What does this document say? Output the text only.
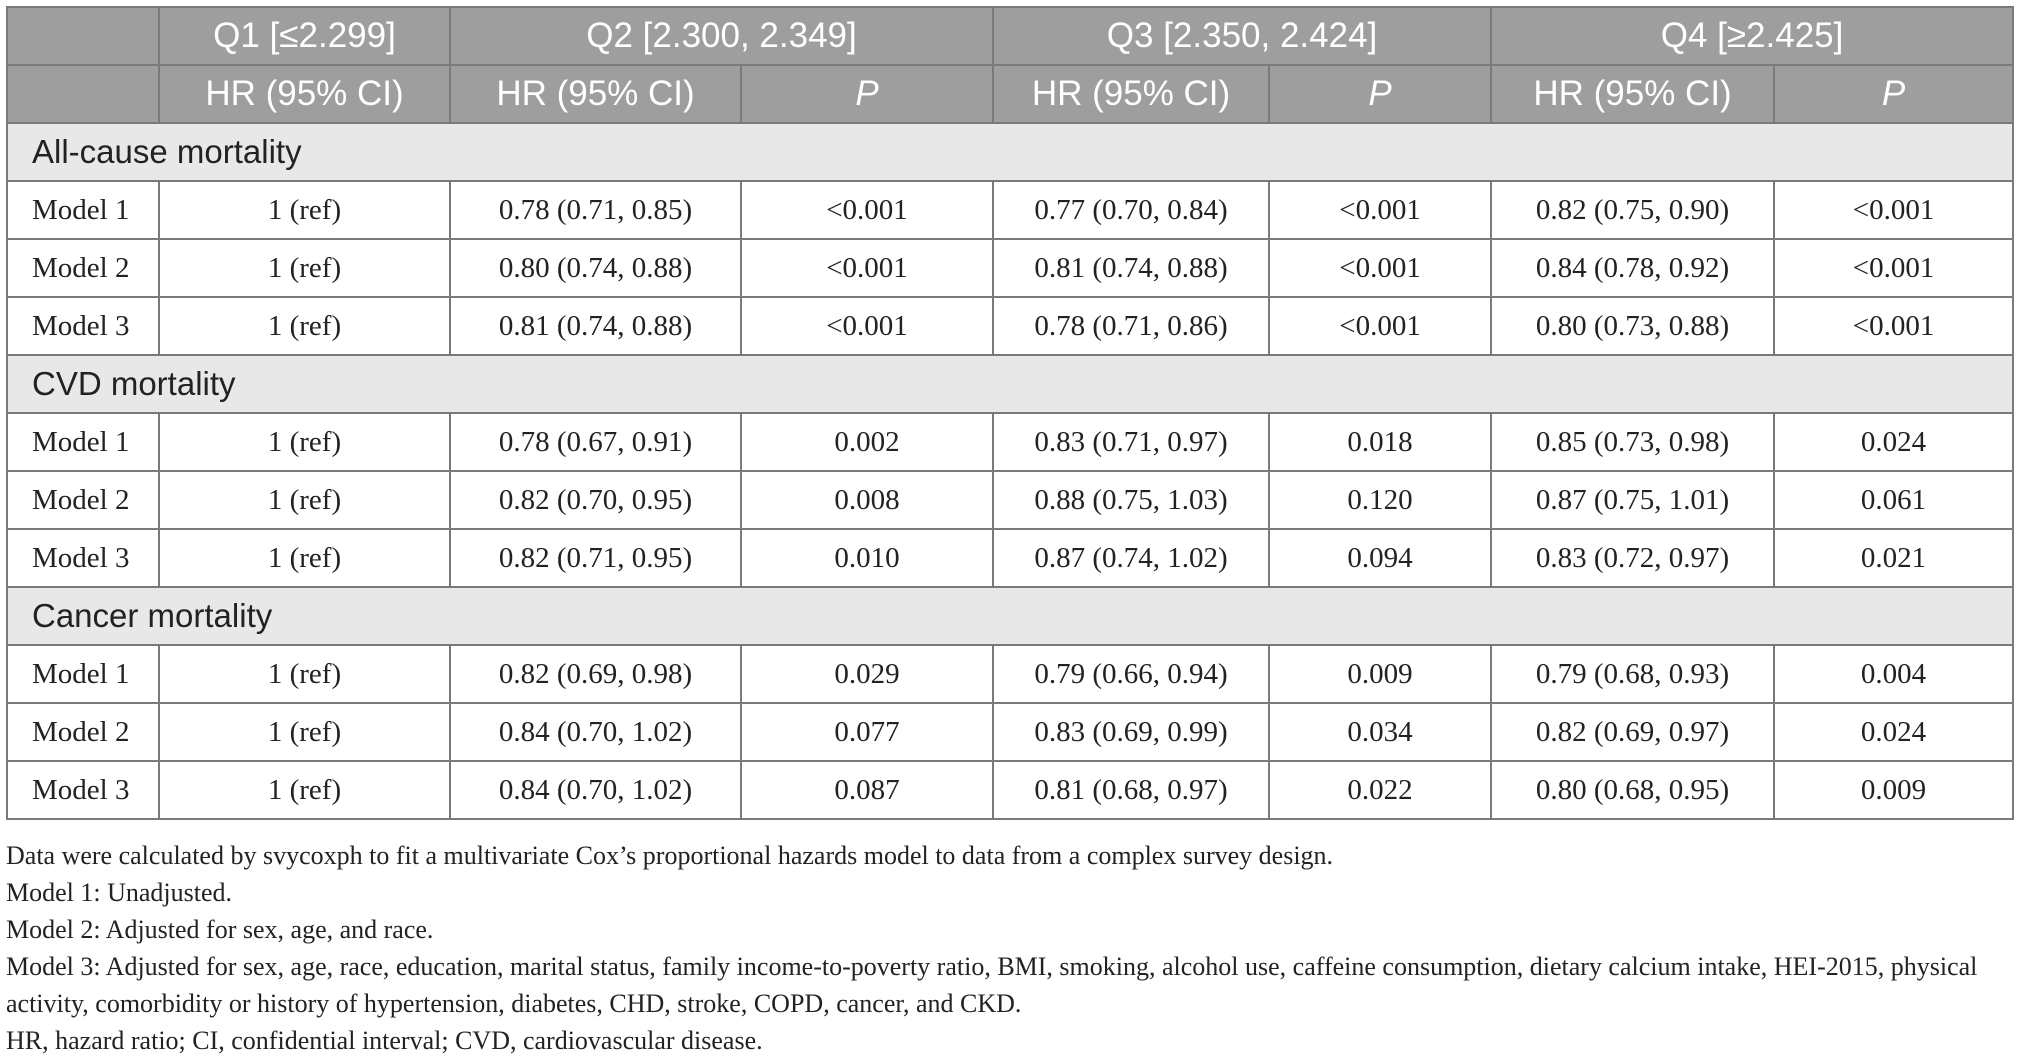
	Q1 [≤2.299]	Q2 [2.300, 2.349]		Q3 [2.350, 2.424]		Q4 [≥2.425]	
	HR (95% CI)	HR (95% CI)	P	HR (95% CI)	P	HR (95% CI)	P
All-cause mortality							
Model 1	1 (ref)	0.78 (0.71, 0.85)	<0.001	0.77 (0.70, 0.84)	<0.001	0.82 (0.75, 0.90)	<0.001
Model 2	1 (ref)	0.80 (0.74, 0.88)	<0.001	0.81 (0.74, 0.88)	<0.001	0.84 (0.78, 0.92)	<0.001
Model 3	1 (ref)	0.81 (0.74, 0.88)	<0.001	0.78 (0.71, 0.86)	<0.001	0.80 (0.73, 0.88)	<0.001
CVD mortality							
Model 1	1 (ref)	0.78 (0.67, 0.91)	0.002	0.83 (0.71, 0.97)	0.018	0.85 (0.73, 0.98)	0.024
Model 2	1 (ref)	0.82 (0.70, 0.95)	0.008	0.88 (0.75, 1.03)	0.120	0.87 (0.75, 1.01)	0.061
Model 3	1 (ref)	0.82 (0.71, 0.95)	0.010	0.87 (0.74, 1.02)	0.094	0.83 (0.72, 0.97)	0.021
Cancer mortality							
Model 1	1 (ref)	0.82 (0.69, 0.98)	0.029	0.79 (0.66, 0.94)	0.009	0.79 (0.68, 0.93)	0.004
Model 2	1 (ref)	0.84 (0.70, 1.02)	0.077	0.83 (0.69, 0.99)	0.034	0.82 (0.69, 0.97)	0.024
Model 3	1 (ref)	0.84 (0.70, 1.02)	0.087	0.81 (0.68, 0.97)	0.022	0.80 (0.68, 0.95)	0.009

Data were calculated by svycoxph to fit a multivariate Cox’s proportional hazards model to data from a complex survey design.

Model 1: Unadjusted.

Model 2: Adjusted for sex, age, and race.

Model 3: Adjusted for sex, age, race, education, marital status, family income-to-poverty ratio, BMI, smoking, alcohol use, caffeine consumption, dietary calcium intake, HEI-2015, physical activity, comorbidity or history of hypertension, diabetes, CHD, stroke, COPD, cancer, and CKD.

HR, hazard ratio; CI, confidential interval; CVD, cardiovascular disease.
